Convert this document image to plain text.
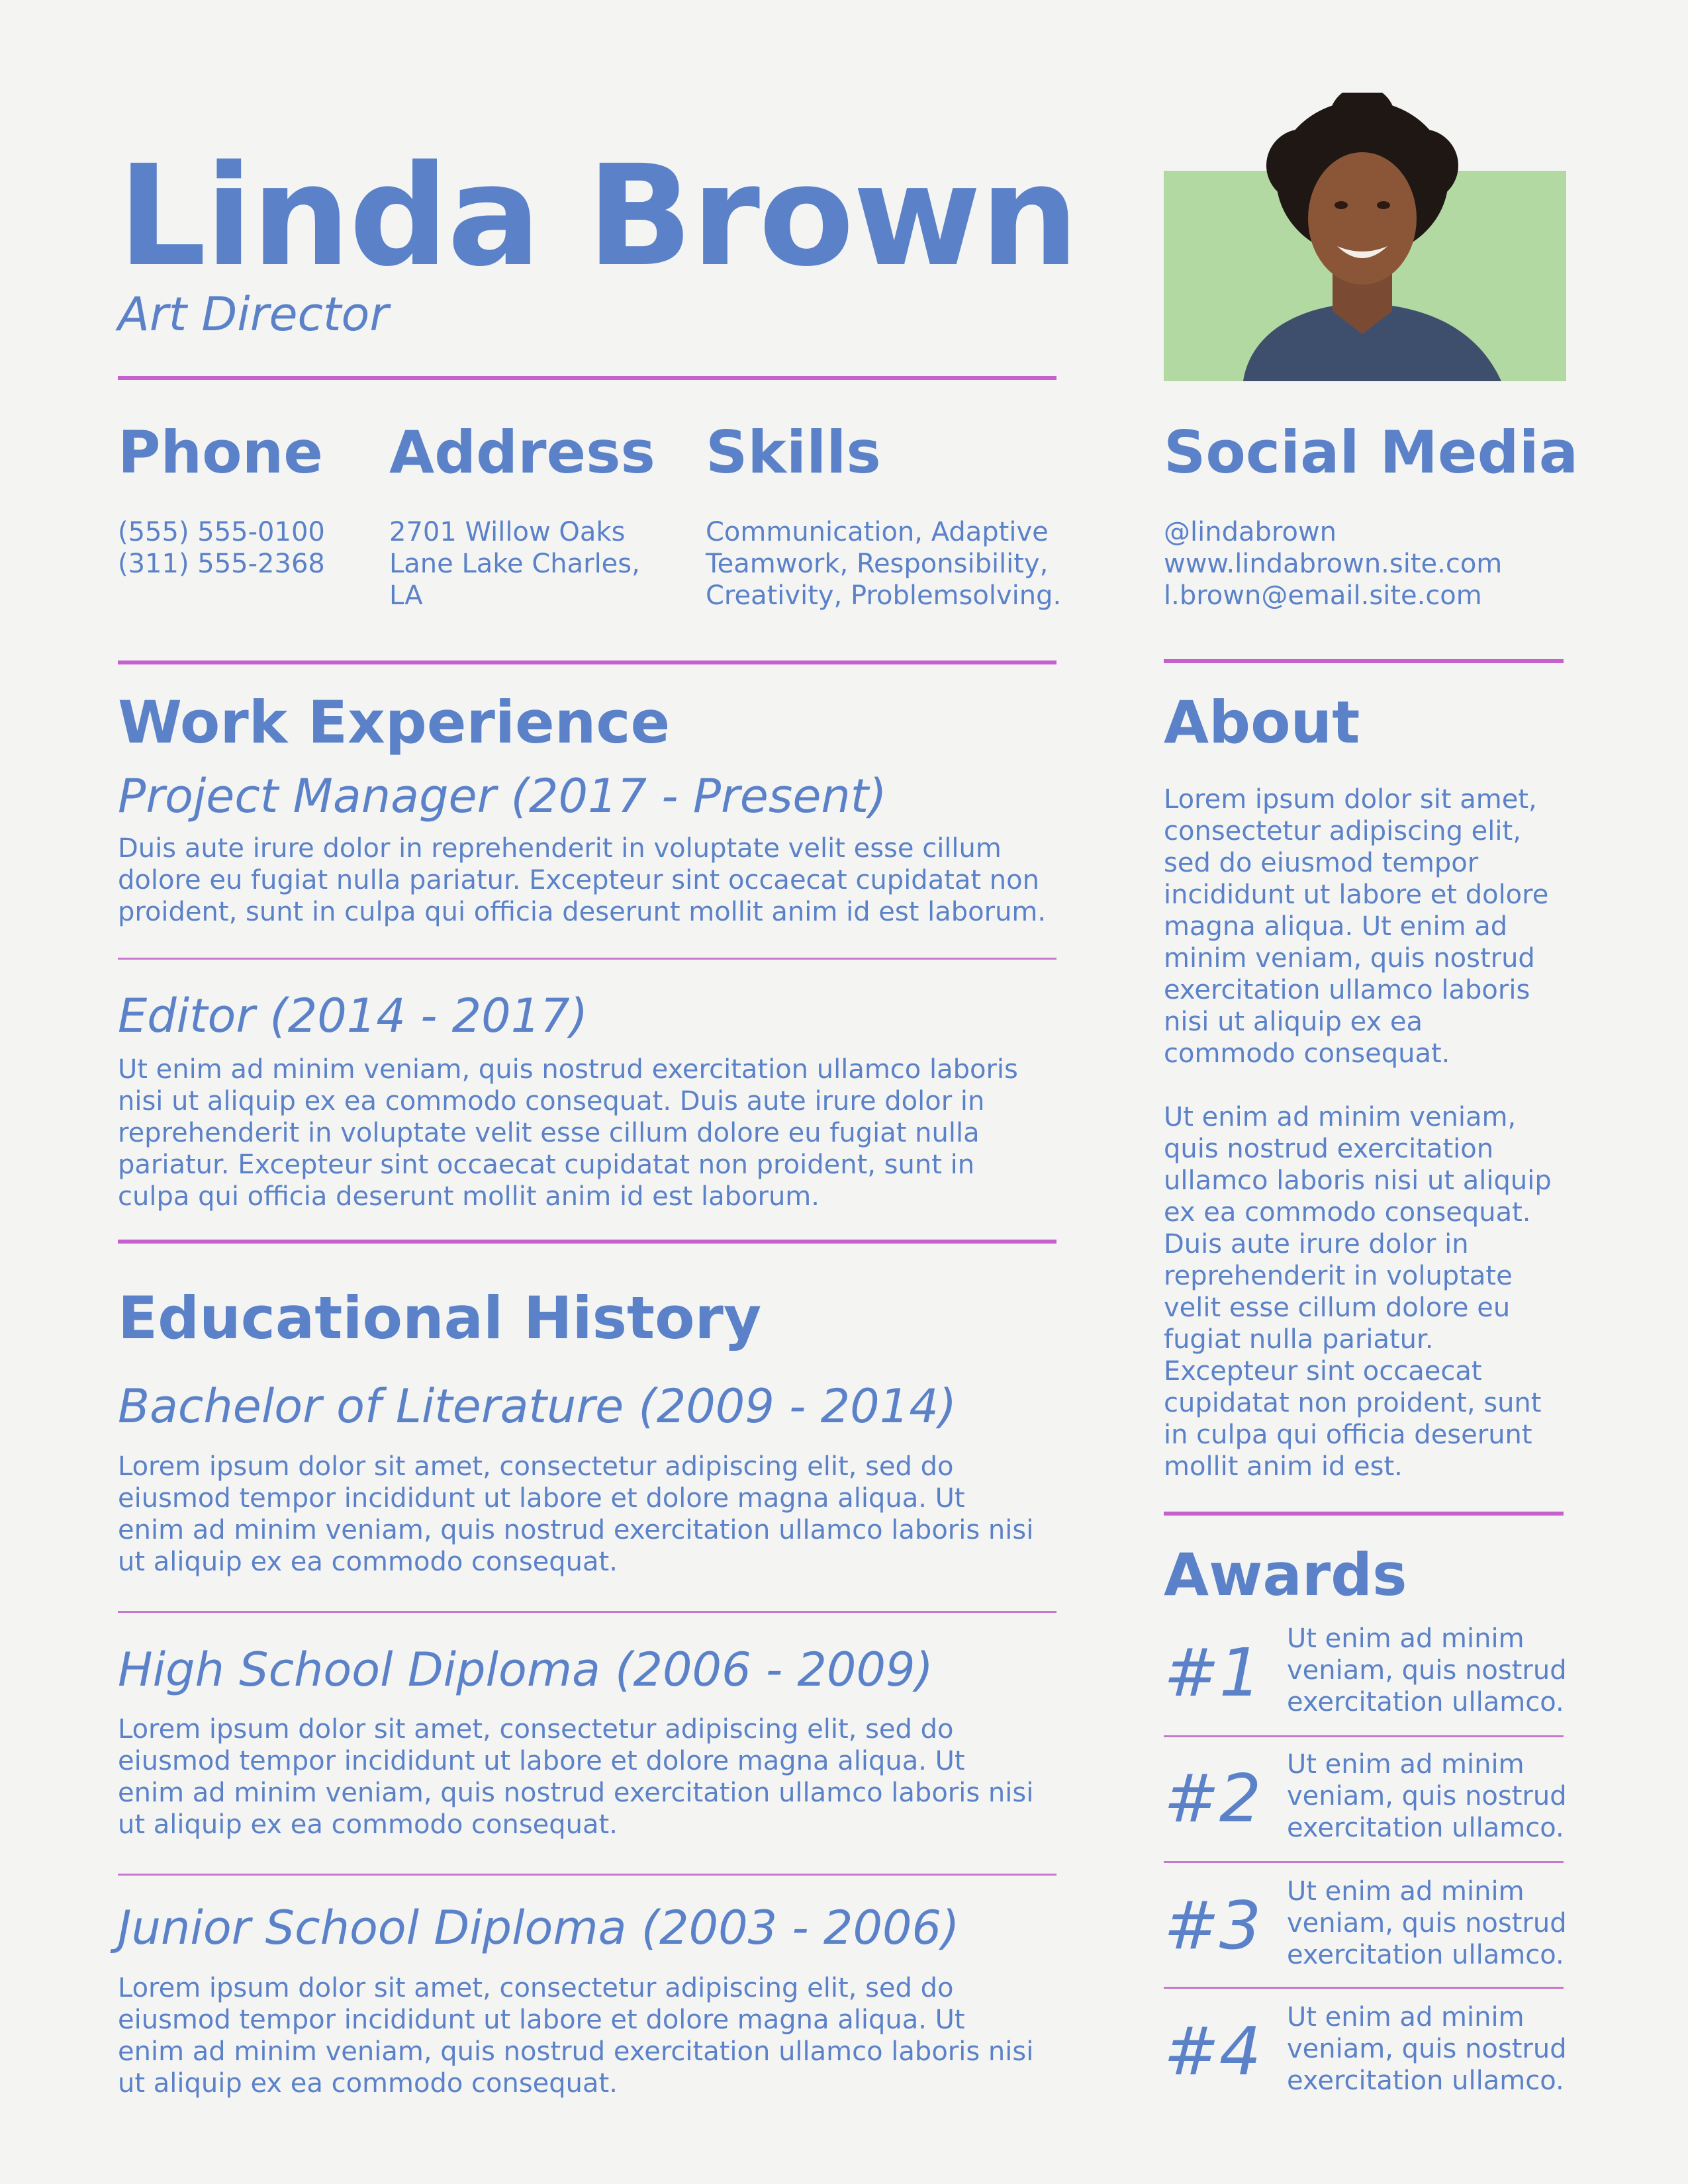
Linda Brown
Art Director
Phone
(555) 555-0100
(311) 555-2368
Address
2701 Willow Oaks
Lane Lake Charles,
LA
Skills
Communication, Adaptive
Teamwork, Responsibility,
Creativity, Problemsolving.
Social Media
@lindabrown
www.lindabrown.site.com
l.brown@email.site.com
Work Experience
Project Manager (2017 - Present)
Duis aute irure dolor in reprehenderit in voluptate velit esse cillum
dolore eu fugiat nulla pariatur. Excepteur sint occaecat cupidatat non
proident, sunt in culpa qui officia deserunt mollit anim id est laborum.
Editor (2014 - 2017)
Ut enim ad minim veniam, quis nostrud exercitation ullamco laboris
nisi ut aliquip ex ea commodo consequat. Duis aute irure dolor in
reprehenderit in voluptate velit esse cillum dolore eu fugiat nulla
pariatur. Excepteur sint occaecat cupidatat non proident, sunt in
culpa qui officia deserunt mollit anim id est laborum.
Educational History
Bachelor of Literature (2009 - 2014)
Lorem ipsum dolor sit amet, consectetur adipiscing elit, sed do
eiusmod tempor incididunt ut labore et dolore magna aliqua. Ut
enim ad minim veniam, quis nostrud exercitation ullamco laboris nisi
ut aliquip ex ea commodo consequat.
High School Diploma (2006 - 2009)
Lorem ipsum dolor sit amet, consectetur adipiscing elit, sed do
eiusmod tempor incididunt ut labore et dolore magna aliqua. Ut
enim ad minim veniam, quis nostrud exercitation ullamco laboris nisi
ut aliquip ex ea commodo consequat.
Junior School Diploma (2003 - 2006)
Lorem ipsum dolor sit amet, consectetur adipiscing elit, sed do
eiusmod tempor incididunt ut labore et dolore magna aliqua. Ut
enim ad minim veniam, quis nostrud exercitation ullamco laboris nisi
ut aliquip ex ea commodo consequat.
About
Lorem ipsum dolor sit amet,
consectetur adipiscing elit,
sed do eiusmod tempor
incididunt ut labore et dolore
magna aliqua. Ut enim ad
minim veniam, quis nostrud
exercitation ullamco laboris
nisi ut aliquip ex ea
commodo consequat.
Ut enim ad minim veniam,
quis nostrud exercitation
ullamco laboris nisi ut aliquip
ex ea commodo consequat.
Duis aute irure dolor in
reprehenderit in voluptate
velit esse cillum dolore eu
fugiat nulla pariatur.
Excepteur sint occaecat
cupidatat non proident, sunt
in culpa qui officia deserunt
mollit anim id est.
Awards
#1 Ut enim ad minim
veniam, quis nostrud
exercitation ullamco.
#2 Ut enim ad minim
veniam, quis nostrud
exercitation ullamco.
#3 Ut enim ad minim
veniam, quis nostrud
exercitation ullamco.
#4 Ut enim ad minim
veniam, quis nostrud
exercitation ullamco.
